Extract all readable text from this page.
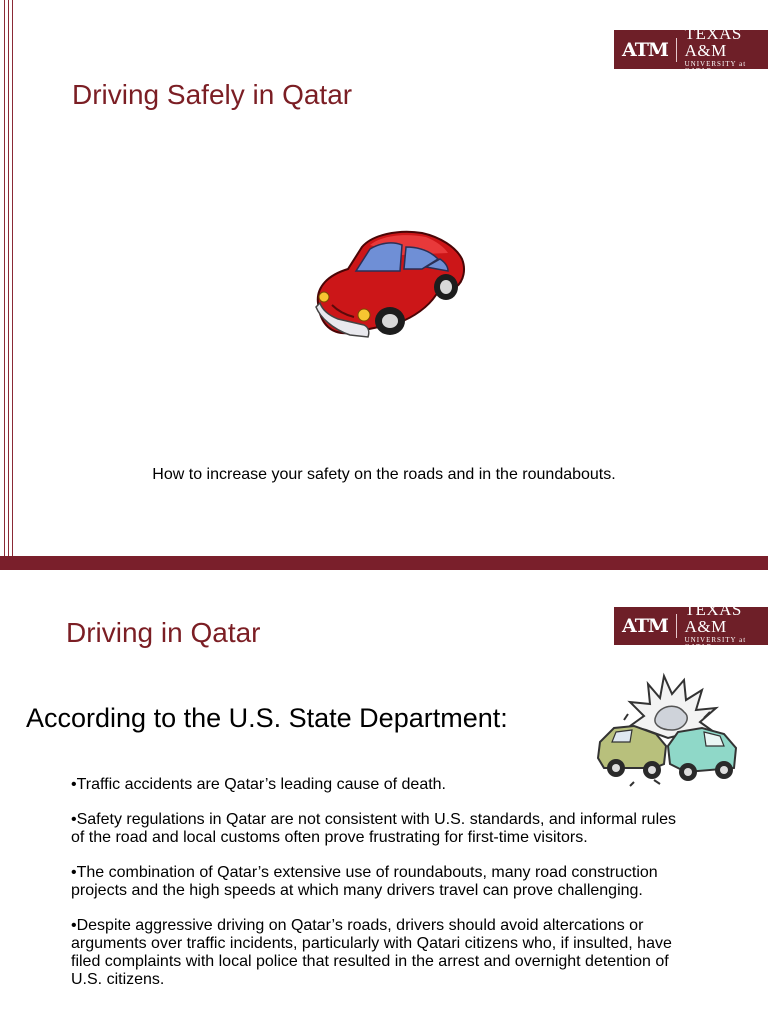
ATM
TEXAS A&M
UNIVERSITY at QATAR
Driving Safely in Qatar
How to increase your safety on the roads and in the roundabouts.
ATM
TEXAS A&M
UNIVERSITY at QATAR
Driving in Qatar
According to the U.S. State Department:

•Traffic accidents are Qatar’s leading cause of death.

•Safety regulations in Qatar are not consistent with U.S. standards, and informal rules of the road and local customs often prove frustrating for first-time visitors.

•The combination of Qatar’s extensive use of roundabouts, many road construction projects and the high speeds at which many drivers travel can prove challenging.

•Despite aggressive driving on Qatar’s roads, drivers should avoid altercations or arguments over traffic incidents, particularly with Qatari citizens who, if insulted, have filed complaints with local police that resulted in the arrest and overnight detention of U.S. citizens.
